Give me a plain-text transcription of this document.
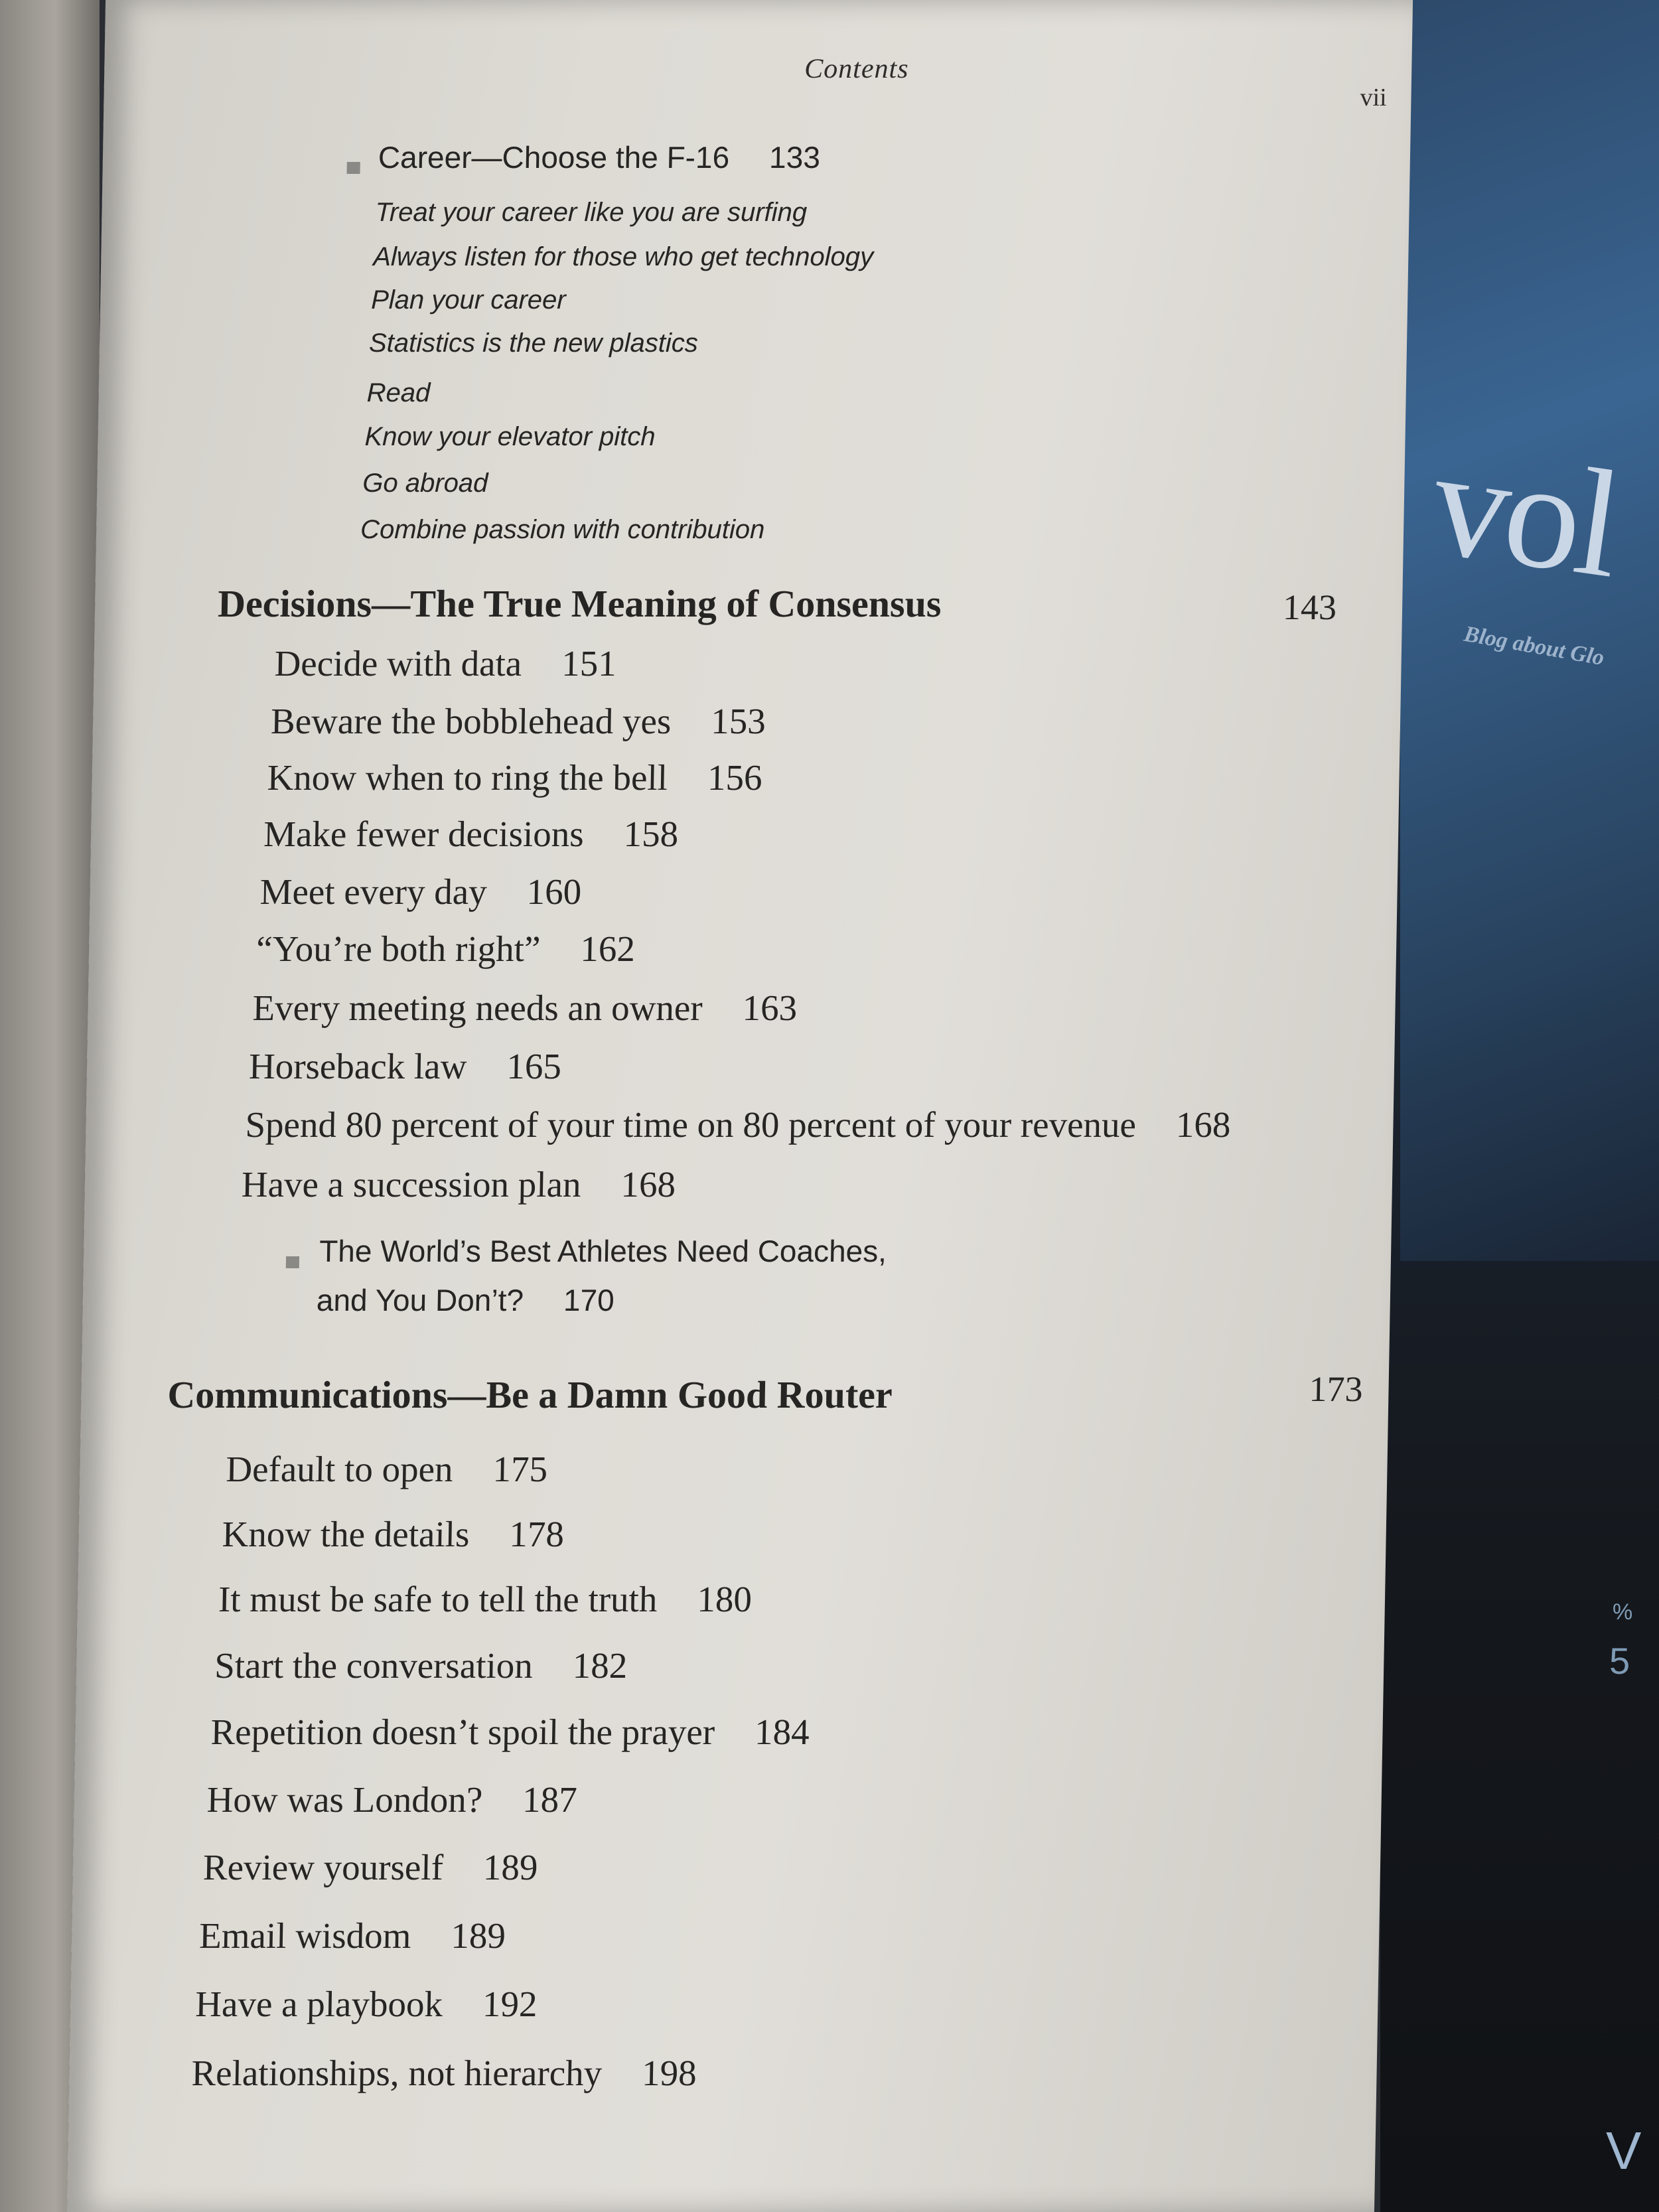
vol
Blog about Glo
%
5
V
Contents
vii
Career—Choose the F-16 133
Treat your career like you are surfing
Always listen for those who get technology
Plan your career
Statistics is the new plastics
Read
Know your elevator pitch
Go abroad
Combine passion with contribution
Decisions—The True Meaning of Consensus	143
Decide with data 151
Beware the bobblehead yes 153
Know when to ring the bell 156
Make fewer decisions 158
Meet every day 160
“You’re both right” 162
Every meeting needs an owner 163
Horseback law 165
Spend 80 percent of your time on 80 percent of your revenue 168
Have a succession plan 168
The World’s Best Athletes Need Coaches,
and You Don’t? 170
Communications—Be a Damn Good Router	173
Default to open 175
Know the details 178
It must be safe to tell the truth 180
Start the conversation 182
Repetition doesn’t spoil the prayer 184
How was London? 187
Review yourself 189
Email wisdom 189
Have a playbook 192
Relationships, not hierarchy 198
